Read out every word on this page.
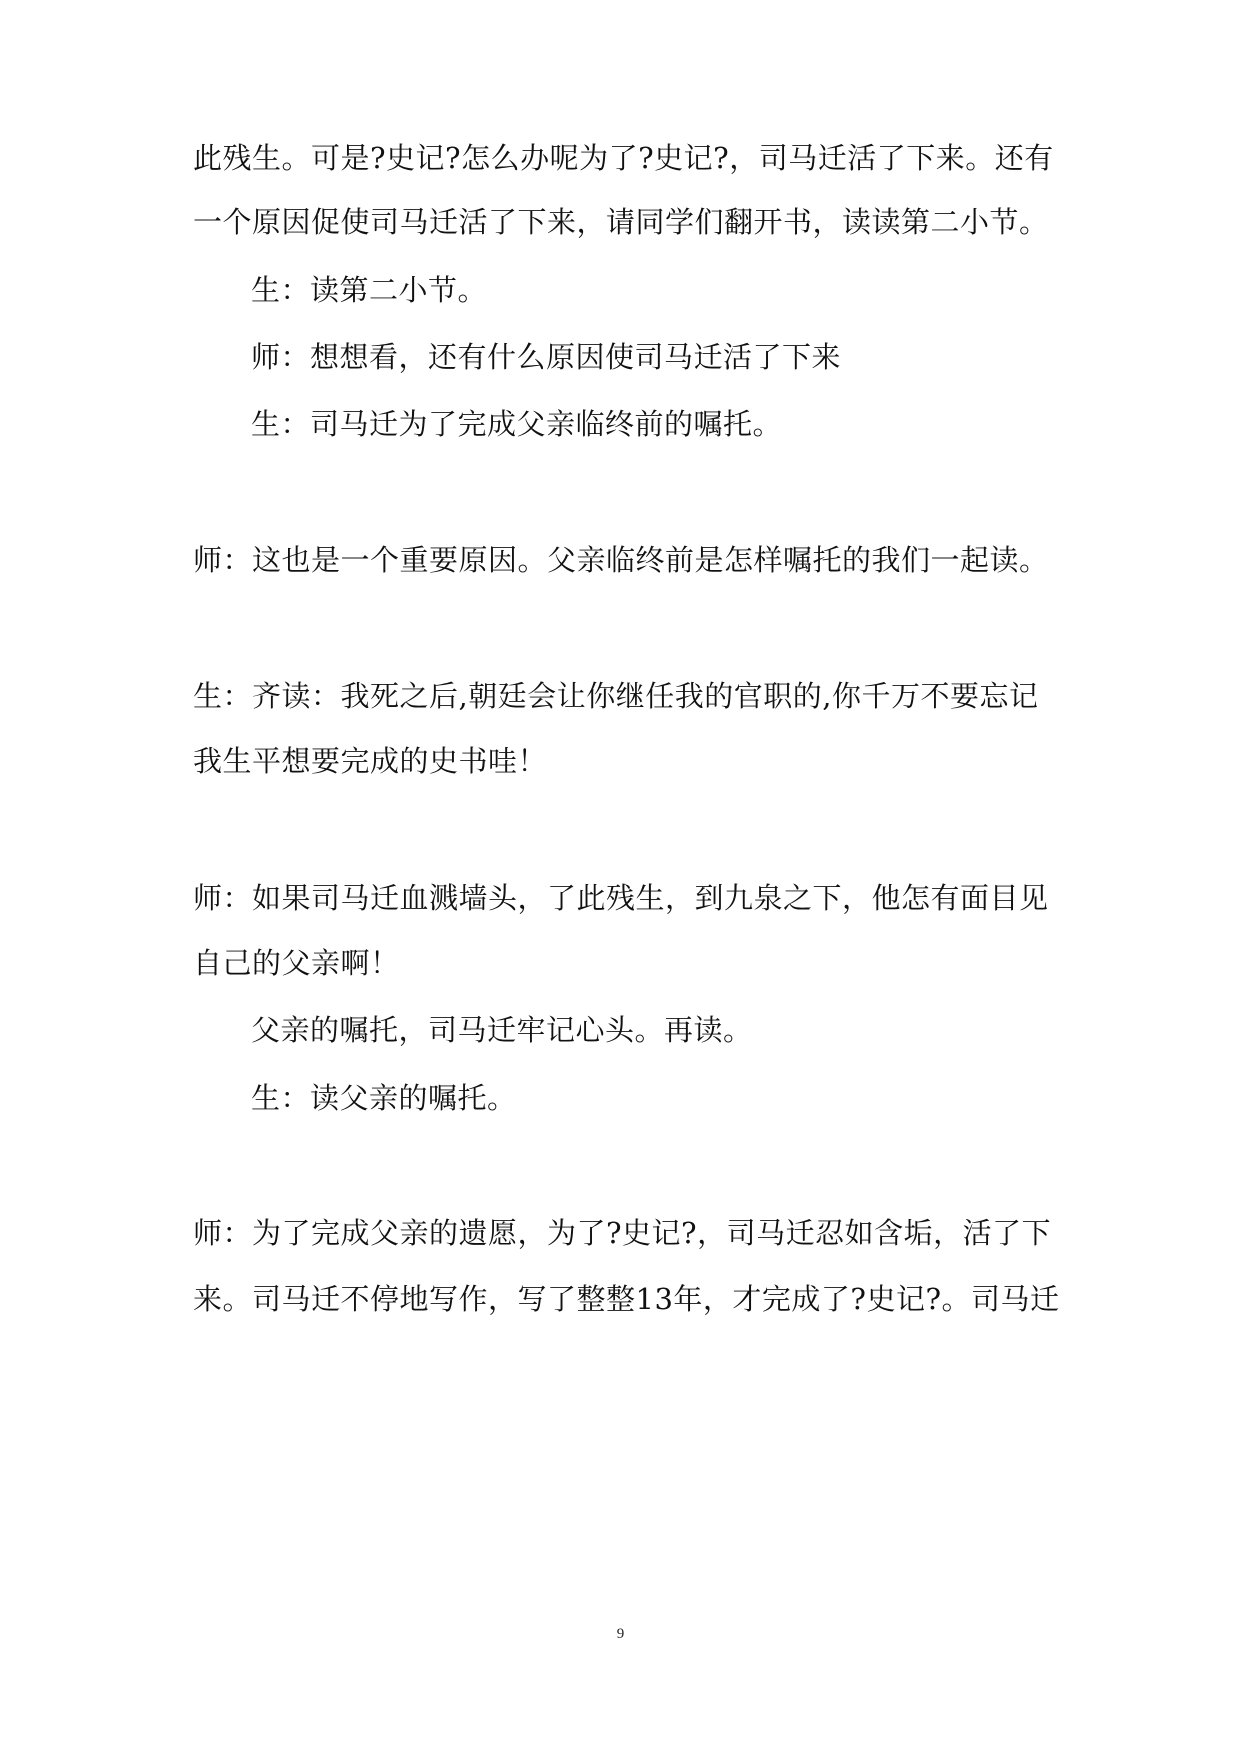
此残生。可是?史记?怎么办呢为了?史记?，司马迁活了下来。还有
一个原因促使司马迁活了下来，请同学们翻开书，读读第二小节。
生：读第二小节。
师：想想看，还有什么原因使司马迁活了下来
生：司马迁为了完成父亲临终前的嘱托。
师：这也是一个重要原因。父亲临终前是怎样嘱托的我们一起读。
生：齐读：我死之后,朝廷会让你继任我的官职的,你千万不要忘记
我生平想要完成的史书哇！
师：如果司马迁血溅墙头，了此残生，到九泉之下，他怎有面目见
自己的父亲啊！
父亲的嘱托，司马迁牢记心头。再读。
生：读父亲的嘱托。
师：为了完成父亲的遗愿，为了?史记?，司马迁忍如含垢，活了下
来。司马迁不停地写作，写了整整13年，才完成了?史记?。司马迁
9
